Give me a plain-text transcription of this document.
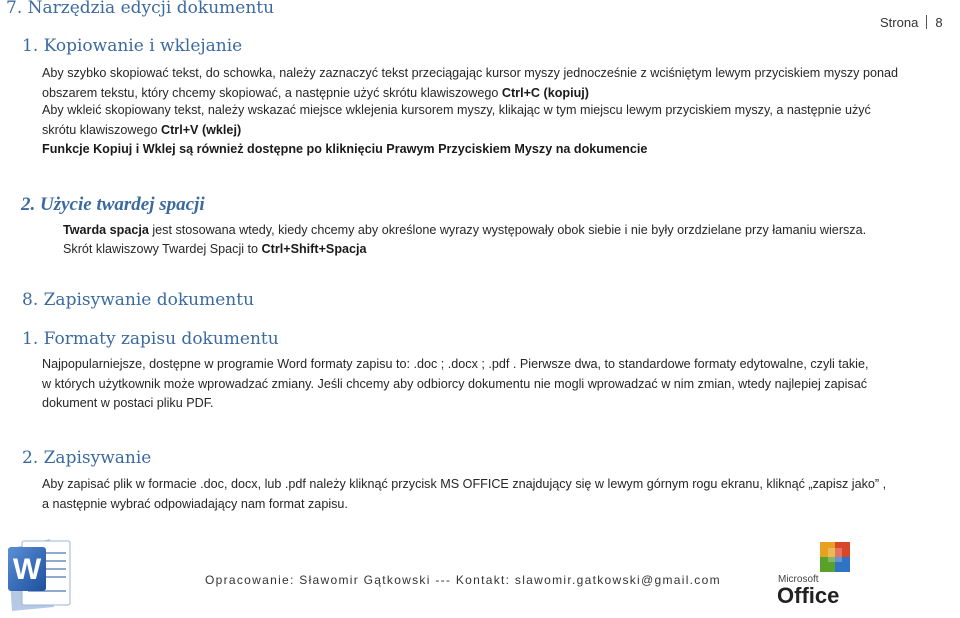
7. Narzędzia edycji dokumentu
Strona 8
1. Kopiowanie i wklejanie
Aby szybko skopiować tekst, do schowka, należy zaznaczyć tekst przeciągając kursor myszy jednocześnie z wciśniętym lewym przyciskiem myszy ponad obszarem tekstu, który chcemy skopiować, a następnie użyć skrótu klawiszowego Ctrl+C (kopiuj)
Aby wkleić skopiowany tekst, należy wskazać miejsce wklejenia kursorem myszy, klikając w tym miejscu lewym przyciskiem myszy, a następnie użyć skrótu klawiszowego Ctrl+V (wklej)
Funkcje Kopiuj i Wklej są również dostępne po kliknięciu Prawym Przyciskiem Myszy na dokumencie
2. Użycie twardej spacji
Twarda spacja jest stosowana wtedy, kiedy chcemy aby określone wyrazy występowały obok siebie i nie były orzdzielane przy łamaniu wiersza.
Skrót klawiszowy Twardej Spacji to Ctrl+Shift+Spacja
8. Zapisywanie dokumentu
1. Formaty zapisu dokumentu
Najpopularniejsze, dostępne w programie Word formaty zapisu to: .doc ; .docx ; .pdf . Pierwsze dwa, to standardowe formaty edytowalne, czyli takie, w których użytkownik może wprowadzać zmiany. Jeśli chcemy aby odbiorcy dokumentu nie mogli wprowadzać w nim zmian, wtedy najlepiej zapisać dokument w postaci pliku PDF.
2. Zapisywanie
Aby zapisać plik w formacie .doc, docx, lub .pdf należy kliknąć przycisk MS OFFICE znajdujący się w lewym górnym rogu ekranu, kliknąć „zapisz jako” , a następnie wybrać odpowiadający nam format zapisu.
W	Opracowanie: Sławomir Gątkowski --- Kontakt: slawomir.gatkowski@gmail.com	Microsoft
Office
